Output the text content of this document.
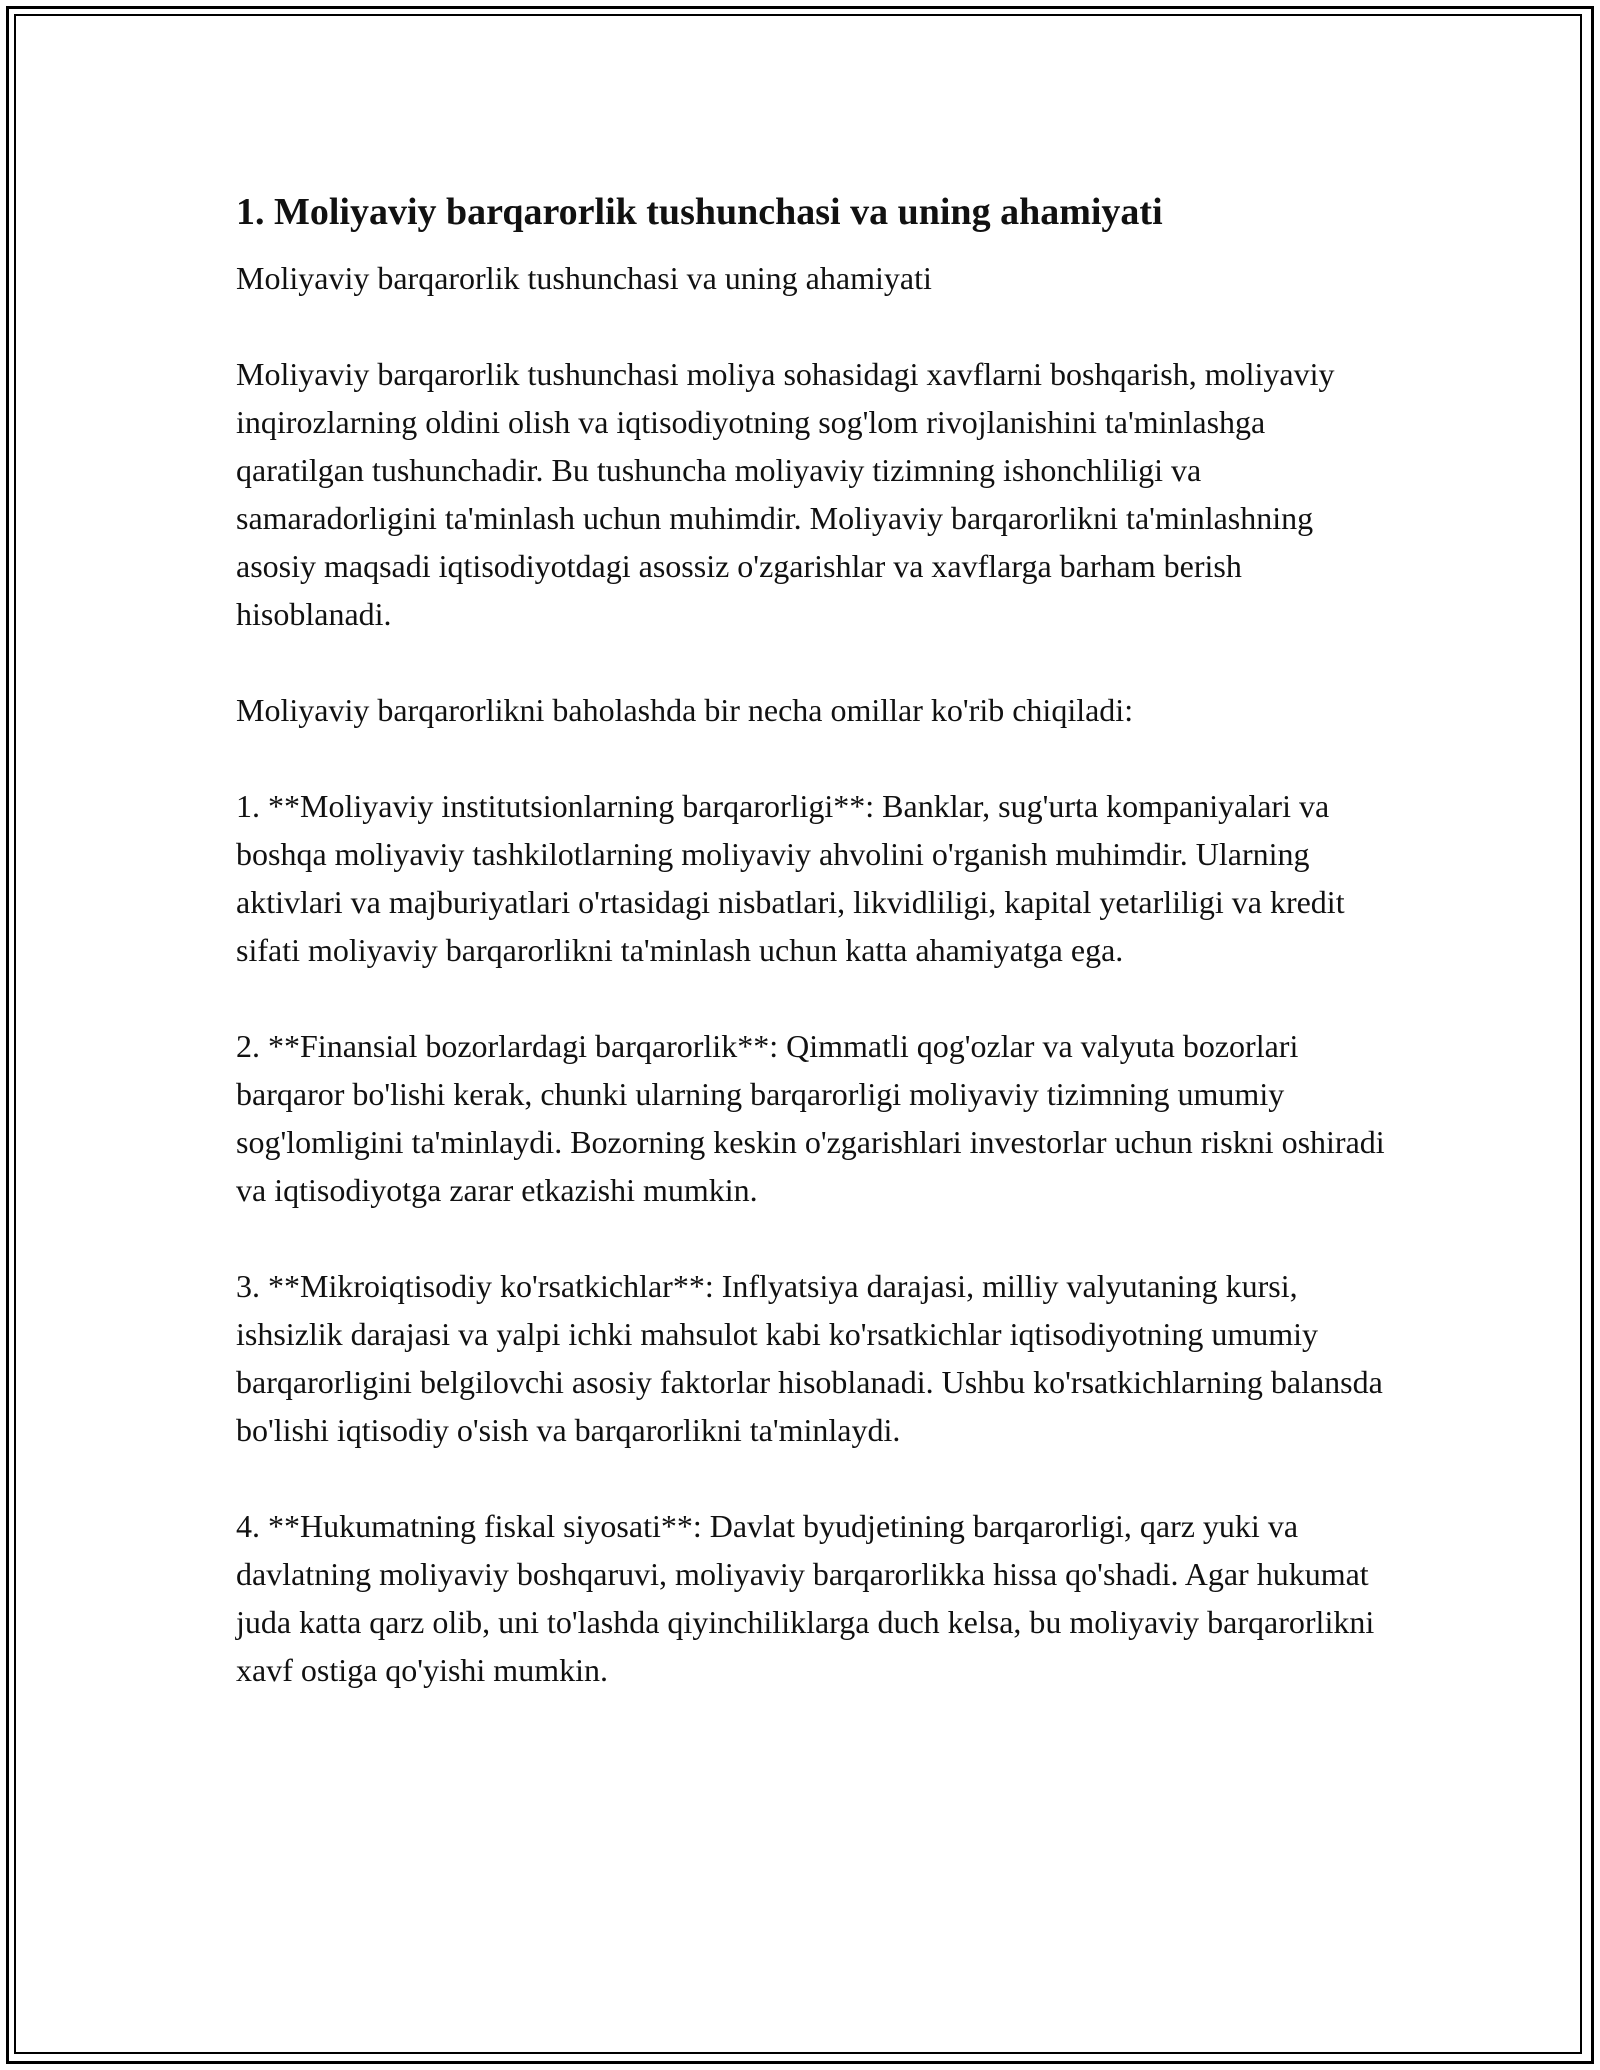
1. Moliyaviy barqarorlik tushunchasi va uning ahamiyati

Moliyaviy barqarorlik tushunchasi va uning ahamiyati

Moliyaviy barqarorlik tushunchasi moliya sohasidagi xavflarni boshqarish, moliyaviy inqirozlarning oldini olish va iqtisodiyotning sog'lom rivojlanishini ta'minlashga qaratilgan tushunchadir. Bu tushuncha moliyaviy tizimning ishonchliligi va samaradorligini ta'minlash uchun muhimdir. Moliyaviy barqarorlikni ta'minlashning asosiy maqsadi iqtisodiyotdagi asossiz o'zgarishlar va xavflarga barham berish hisoblanadi.

Moliyaviy barqarorlikni baholashda bir necha omillar ko'rib chiqiladi:

1. **Moliyaviy institutsionlarning barqarorligi**: Banklar, sug'urta kompaniyalari va boshqa moliyaviy tashkilotlarning moliyaviy ahvolini o'rganish muhimdir. Ularning aktivlari va majburiyatlari o'rtasidagi nisbatlari, likvidliligi, kapital yetarliligi va kredit sifati moliyaviy barqarorlikni ta'minlash uchun katta ahamiyatga ega.

2. **Finansial bozorlardagi barqarorlik**: Qimmatli qog'ozlar va valyuta bozorlari barqaror bo'lishi kerak, chunki ularning barqarorligi moliyaviy tizimning umumiy sog'lomligini ta'minlaydi. Bozorning keskin o'zgarishlari investorlar uchun riskni oshiradi va iqtisodiyotga zarar etkazishi mumkin.

3. **Mikroiqtisodiy ko'rsatkichlar**: Inflyatsiya darajasi, milliy valyutaning kursi, ishsizlik darajasi va yalpi ichki mahsulot kabi ko'rsatkichlar iqtisodiyotning umumiy barqarorligini belgilovchi asosiy faktorlar hisoblanadi. Ushbu ko'rsatkichlarning balansda bo'lishi iqtisodiy o'sish va barqarorlikni ta'minlaydi.

4. **Hukumatning fiskal siyosati**: Davlat byudjetining barqarorligi, qarz yuki va davlatning moliyaviy boshqaruvi, moliyaviy barqarorlikka hissa qo'shadi. Agar hukumat juda katta qarz olib, uni to'lashda qiyinchiliklarga duch kelsa, bu moliyaviy barqarorlikni xavf ostiga qo'yishi mumkin.
